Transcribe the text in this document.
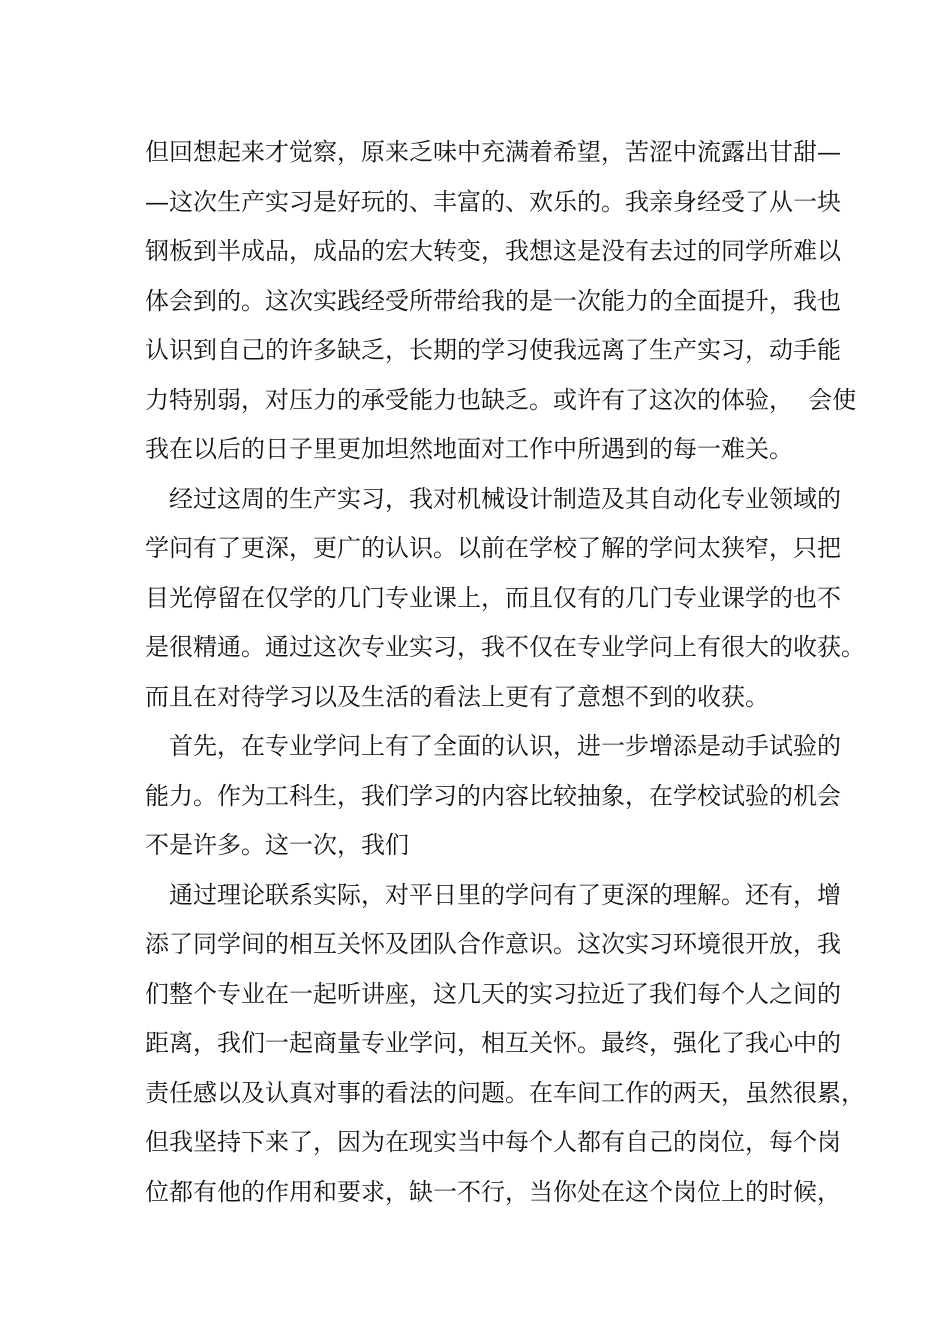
但回想起来才觉察，原来乏味中充满着希望，苦涩中流露出甘甜—
—这次生产实习是好玩的、丰富的、欢乐的。我亲身经受了从一块
钢板到半成品，成品的宏大转变，我想这是没有去过的同学所难以
体会到的。这次实践经受所带给我的是一次能力的全面提升，我也
认识到自己的许多缺乏，长期的学习使我远离了生产实习，动手能
力特别弱，对压力的承受能力也缺乏。或许有了这次的体验，  会使
我在以后的日子里更加坦然地面对工作中所遇到的每一难关。
经过这周的生产实习，我对机械设计制造及其自动化专业领域的
学问有了更深，更广的认识。以前在学校了解的学问太狭窄，只把
目光停留在仅学的几门专业课上，而且仅有的几门专业课学的也不
是很精通。通过这次专业实习，我不仅在专业学问上有很大的收获。
而且在对待学习以及生活的看法上更有了意想不到的收获。
首先，在专业学问上有了全面的认识，进一步增添是动手试验的
能力。作为工科生，我们学习的内容比较抽象，在学校试验的机会
不是许多。这一次，我们
通过理论联系实际，对平日里的学问有了更深的理解。还有，增
添了同学间的相互关怀及团队合作意识。这次实习环境很开放，我
们整个专业在一起听讲座，这几天的实习拉近了我们每个人之间的
距离，我们一起商量专业学问，相互关怀。最终，强化了我心中的
责任感以及认真对事的看法的问题。在车间工作的两天，虽然很累，
但我坚持下来了，因为在现实当中每个人都有自己的岗位，每个岗
位都有他的作用和要求，缺一不行，当你处在这个岗位上的时候，
